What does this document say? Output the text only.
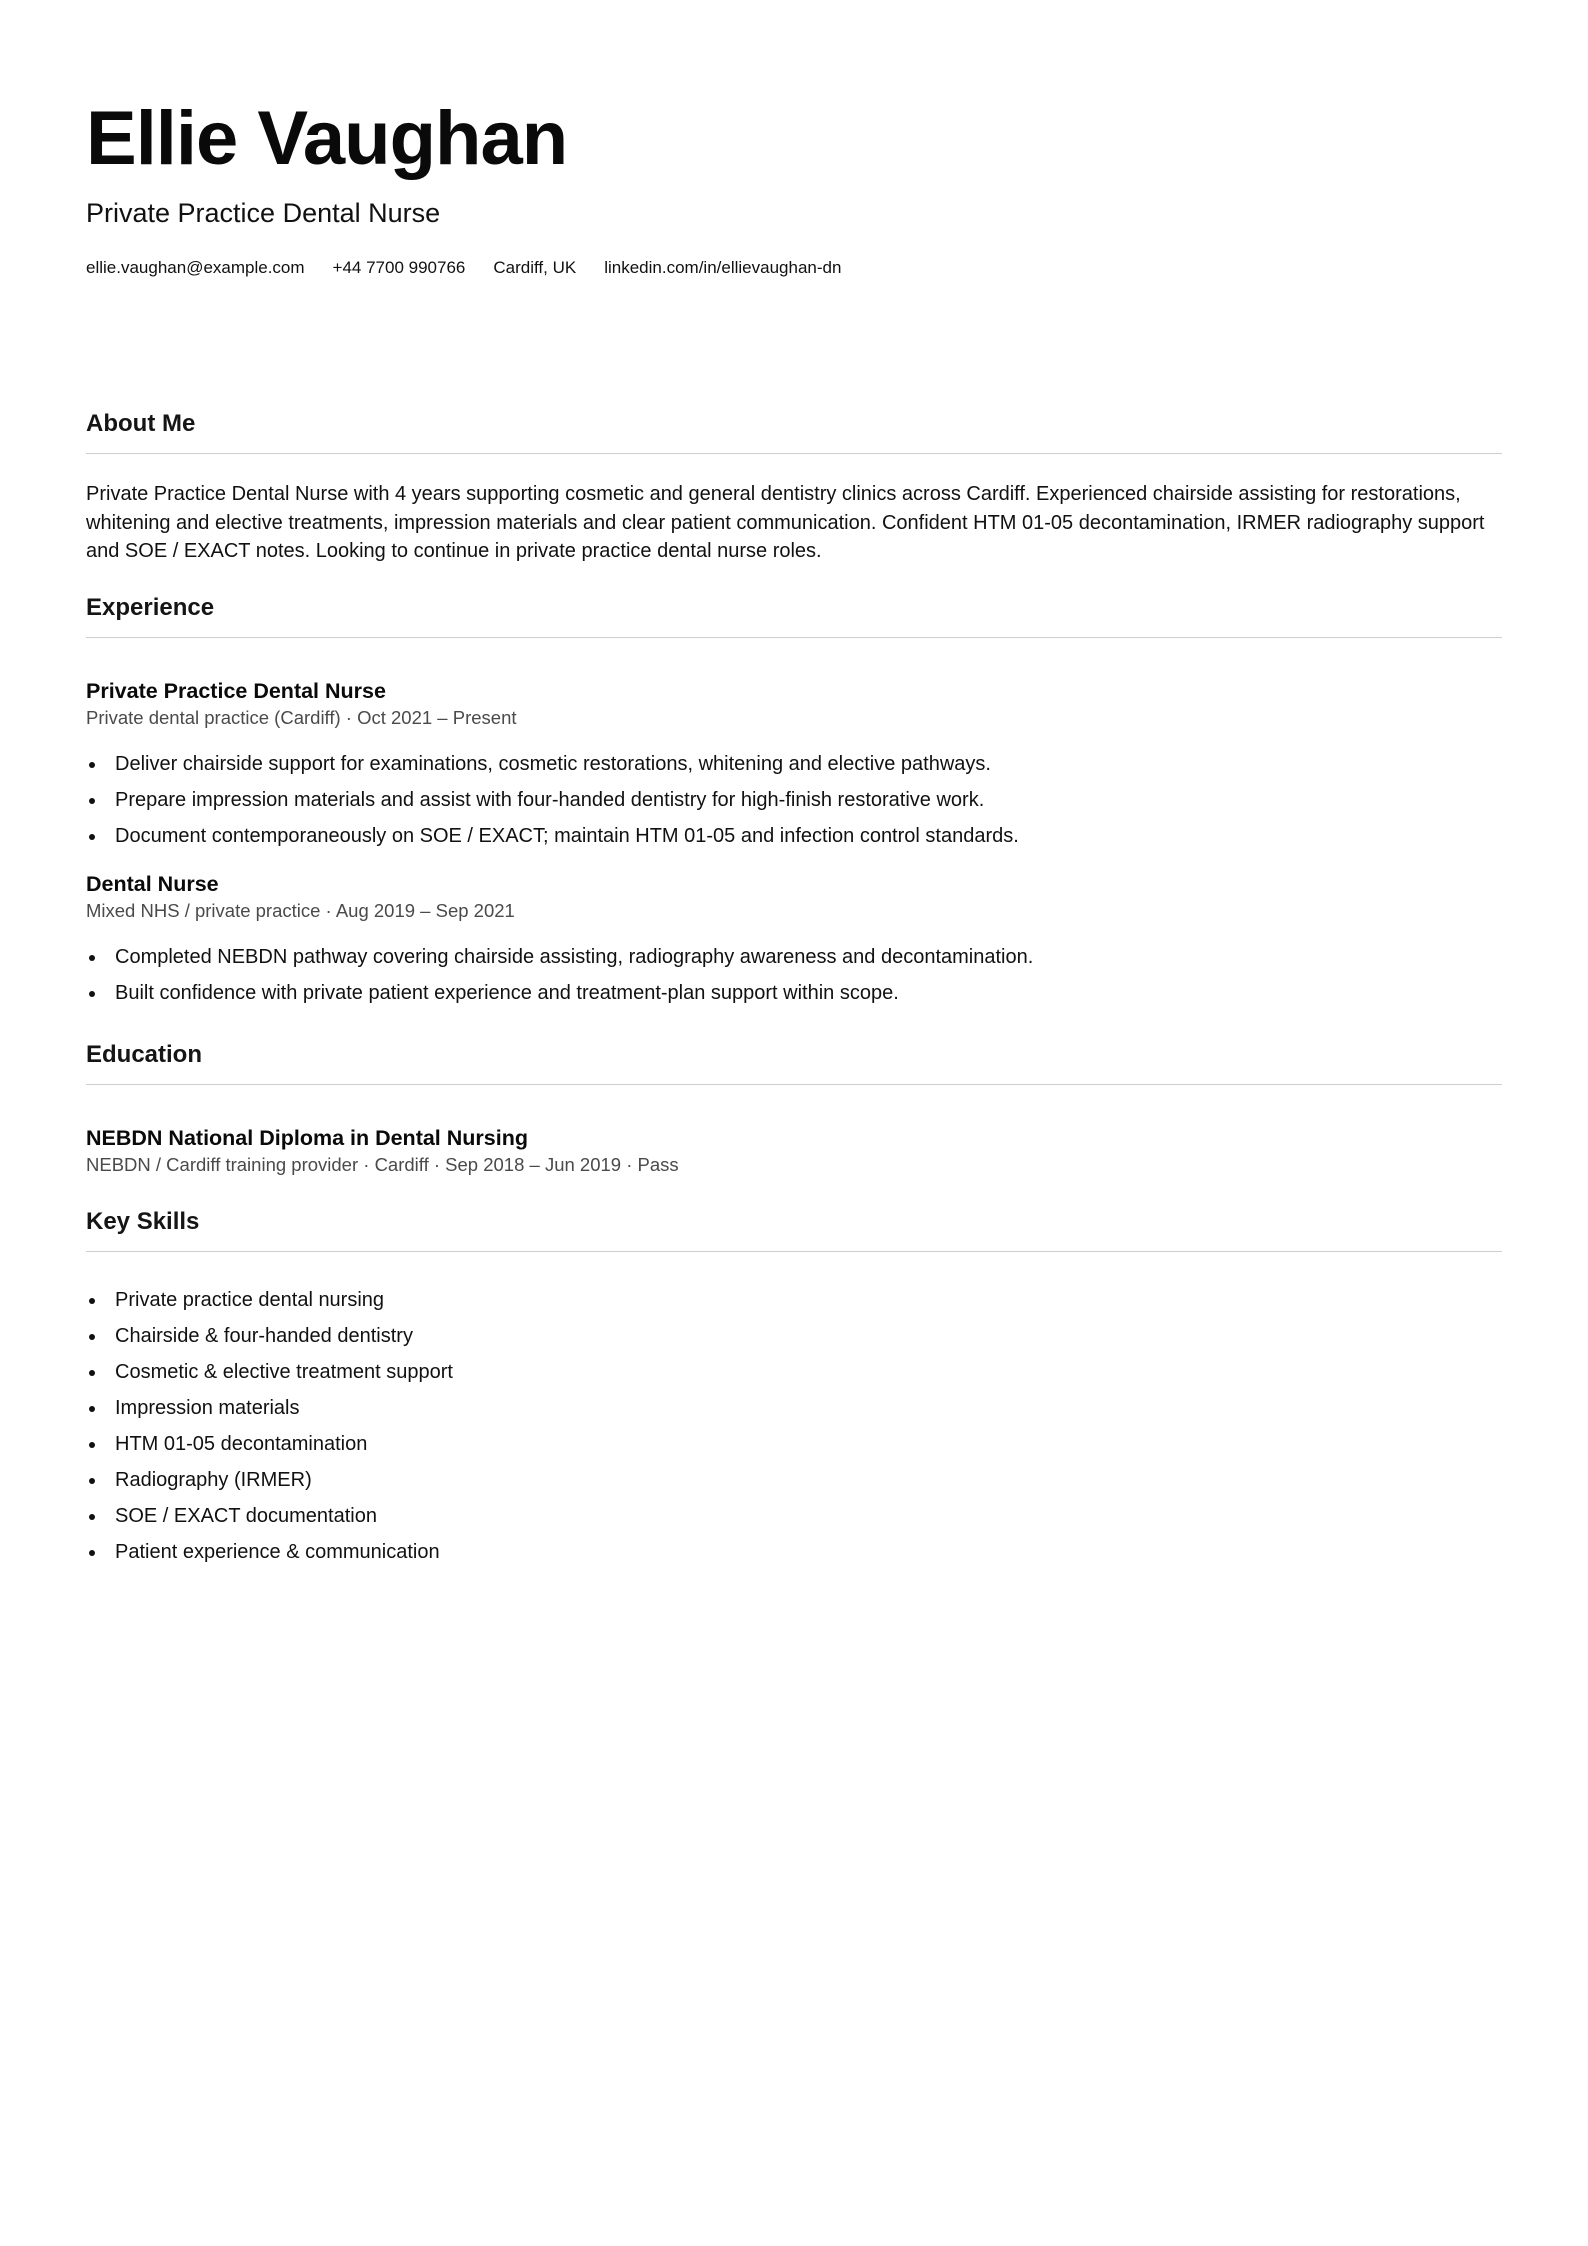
Ellie Vaughan
Private Practice Dental Nurse
ellie.vaughan@example.com +44 7700 990766 Cardiff, UK linkedin.com/in/ellievaughan-dn
About Me

Private Practice Dental Nurse with 4 years supporting cosmetic and general dentistry clinics across Cardiff. Experienced chairside assisting for restorations, whitening and elective treatments, impression materials and clear patient communication. Confident HTM 01-05 decontamination, IRMER radiography support and SOE / EXACT notes. Looking to continue in private practice dental nurse roles.

Experience

Private Practice Dental Nurse

Private dental practice (Cardiff) · Oct 2021 – Present

Deliver chairside support for examinations, cosmetic restorations, whitening and elective pathways.
Prepare impression materials and assist with four-handed dentistry for high-finish restorative work.
Document contemporaneously on SOE / EXACT; maintain HTM 01-05 and infection control standards.

Dental Nurse

Mixed NHS / private practice · Aug 2019 – Sep 2021

Completed NEBDN pathway covering chairside assisting, radiography awareness and decontamination.
Built confidence with private patient experience and treatment-plan support within scope.
Education

NEBDN National Diploma in Dental Nursing

NEBDN / Cardiff training provider · Cardiff · Sep 2018 – Jun 2019 · Pass

Key Skills
Private practice dental nursing
Chairside & four-handed dentistry
Cosmetic & elective treatment support
Impression materials
HTM 01-05 decontamination
Radiography (IRMER)
SOE / EXACT documentation
Patient experience & communication
